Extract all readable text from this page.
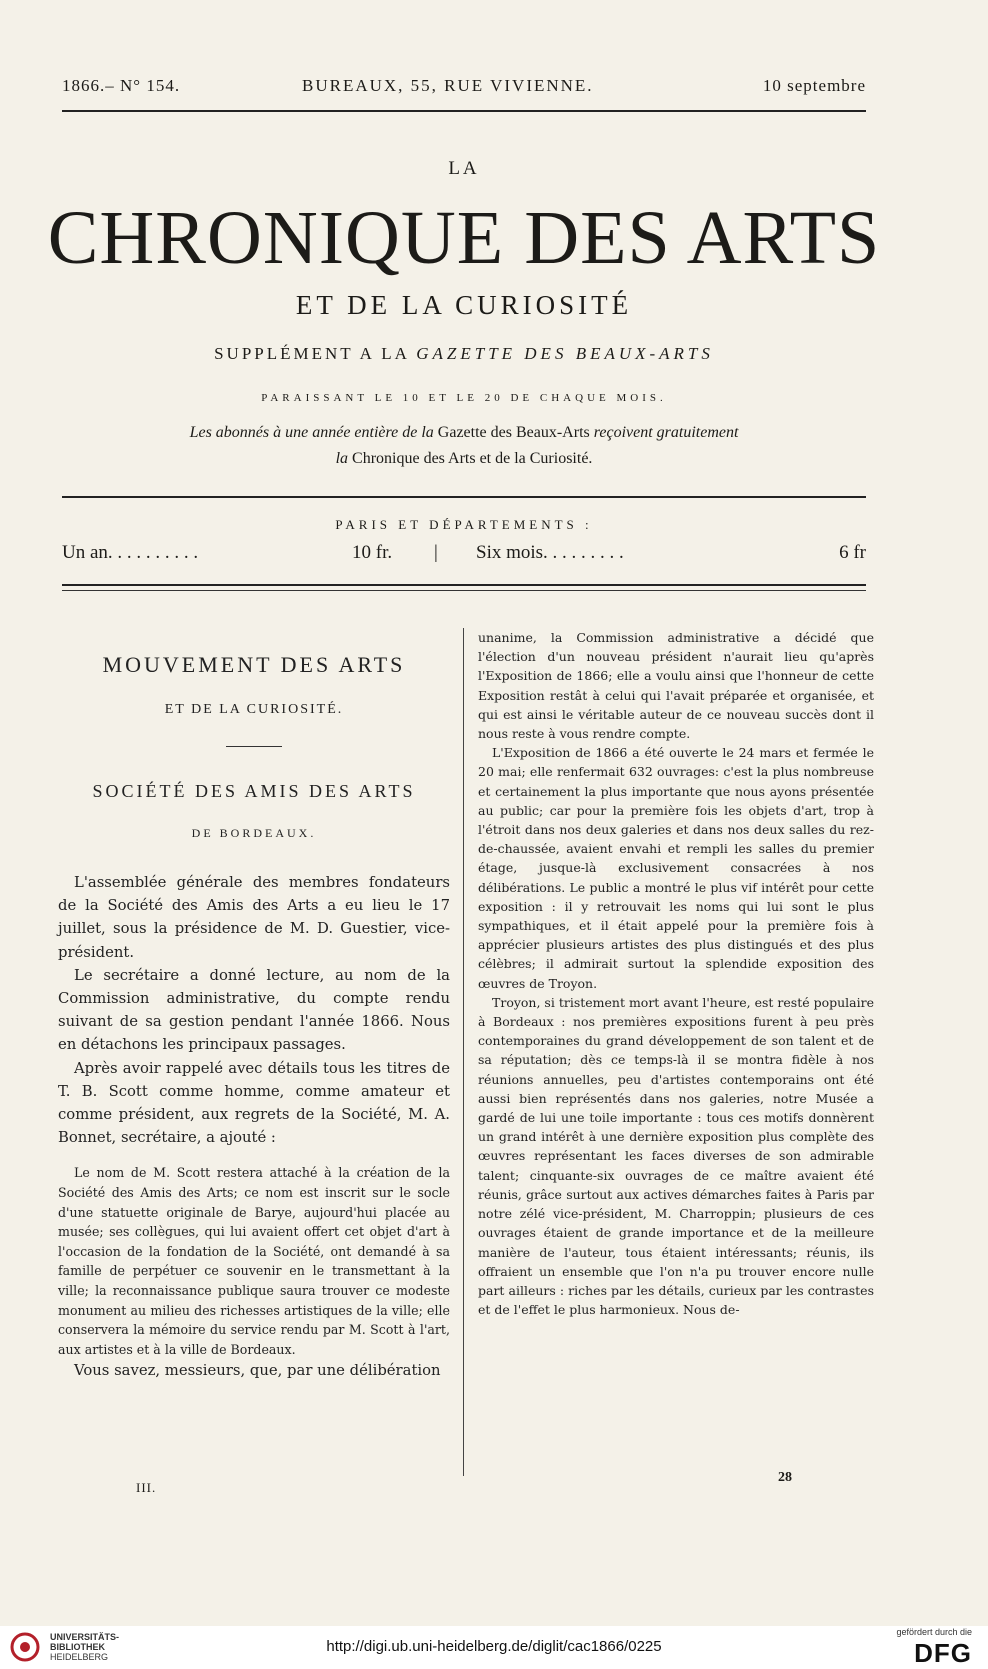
1866.– N° 154.	BUREAUX, 55, RUE VIVIENNE.	10 septembre
LA
CHRONIQUE DES ARTS
ET DE LA CURIOSITÉ
SUPPLÉMENT A LA GAZETTE DES BEAUX-ARTS
PARAISSANT LE 10 ET LE 20 DE CHAQUE MOIS.
Les abonnés à une année entière de la Gazette des Beaux-Arts reçoivent gratuitement
la Chronique des Arts et de la Curiosité.
PARIS ET DÉPARTEMENTS :
Un an. . . . . . . . . .	10 fr. | Six mois. . . . . . . . .	6 fr
MOUVEMENT DES ARTS
ET DE LA CURIOSITÉ.
SOCIÉTÉ DES AMIS DES ARTS
DE BORDEAUX.

L'assemblée générale des membres fondateurs de la Société des Amis des Arts a eu lieu le 17 juillet, sous la présidence de M. D. Guestier, vice-président.

Le secrétaire a donné lecture, au nom de la Commission administrative, du compte rendu suivant de sa gestion pendant l'année 1866. Nous en détachons les principaux passages.

Après avoir rappelé avec détails tous les titres de T. B. Scott comme homme, comme amateur et comme président, aux regrets de la Société, M. A. Bonnet, secrétaire, a ajouté :

Le nom de M. Scott restera attaché à la création de la Société des Amis des Arts; ce nom est inscrit sur le socle d'une statuette originale de Barye, aujourd'hui placée au musée; ses collègues, qui lui avaient offert cet objet d'art à l'occasion de la fondation de la Société, ont demandé à sa famille de perpétuer ce souvenir en le transmettant à la ville; la reconnaissance publique saura trouver ce modeste monument au milieu des richesses artistiques de la ville; elle conservera la mémoire du service rendu par M. Scott à l'art, aux artistes et à la ville de Bordeaux.

Vous savez, messieurs, que, par une délibération

unanime, la Commission administrative a décidé que l'élection d'un nouveau président n'aurait lieu qu'après l'Exposition de 1866; elle a voulu ainsi que l'honneur de cette Exposition restât à celui qui l'avait préparée et organisée, et qui est ainsi le véritable auteur de ce nouveau succès dont il nous reste à vous rendre compte.

L'Exposition de 1866 a été ouverte le 24 mars et fermée le 20 mai; elle renfermait 632 ouvrages: c'est la plus nombreuse et certainement la plus importante que nous ayons présentée au public; car pour la première fois les objets d'art, trop à l'étroit dans nos deux galeries et dans nos deux salles du rez-de-chaussée, avaient envahi et rempli les salles du premier étage, jusque-là exclusivement consacrées à nos délibérations. Le public a montré le plus vif intérêt pour cette exposition : il y retrouvait les noms qui lui sont le plus sympathiques, et il était appelé pour la première fois à apprécier plusieurs artistes des plus distingués et des plus célèbres; il admirait surtout la splendide exposition des œuvres de Troyon.

Troyon, si tristement mort avant l'heure, est resté populaire à Bordeaux : nos premières expositions furent à peu près contemporaines du grand développement de son talent et de sa réputation; dès ce temps-là il se montra fidèle à nos réunions annuelles, peu d'artistes contemporains ont été aussi bien représentés dans nos galeries, notre Musée a gardé de lui une toile importante : tous ces motifs donnèrent un grand intérêt à une dernière exposition plus complète des œuvres représentant les faces diverses de son admirable talent; cinquante-six ouvrages de ce maître avaient été réunis, grâce surtout aux actives démarches faites à Paris par notre zélé vice-président, M. Charroppin; plusieurs de ces ouvrages étaient de grande importance et de la meilleure manière de l'auteur, tous étaient intéressants; réunis, ils offraient un ensemble que l'on n'a pu trouver encore nulle part ailleurs : riches par les détails, curieux par les contrastes et de l'effet le plus harmonieux. Nous de-

III.
28
UNIVERSITÄTS-
BIBLIOTHEK
HEIDELBERG
http://digi.ub.uni-heidelberg.de/diglit/cac1866/0225
gefördert durch die
DFG
